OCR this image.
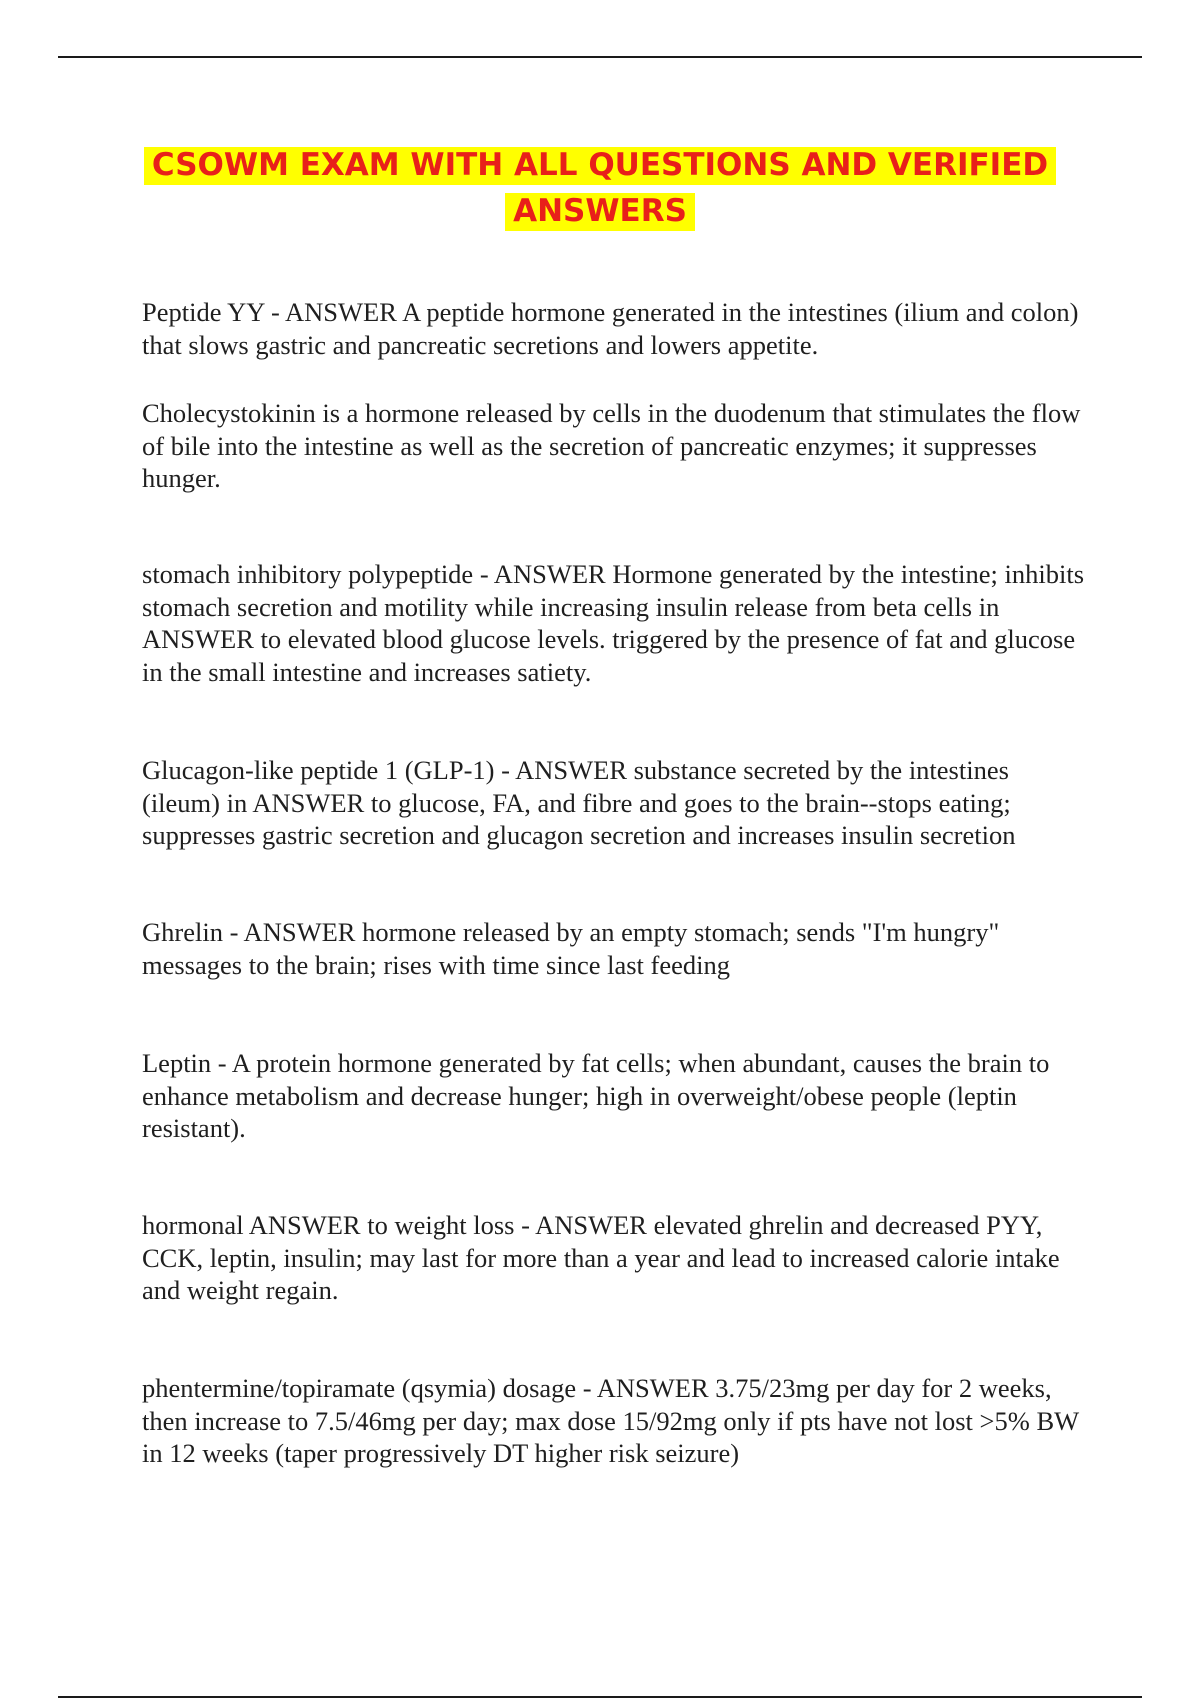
CSOWM EXAM WITH ALL QUESTIONS AND VERIFIED
ANSWERS

Peptide YY - ANSWER A peptide hormone generated in the intestines (ilium and colon) that slows gastric and pancreatic secretions and lowers appetite.

Cholecystokinin is a hormone released by cells in the duodenum that stimulates the flow of bile into the intestine as well as the secretion of pancreatic enzymes; it suppresses hunger.

stomach inhibitory polypeptide - ANSWER Hormone generated by the intestine; inhibits stomach secretion and motility while increasing insulin release from beta cells in ANSWER to elevated blood glucose levels. triggered by the presence of fat and glucose in the small intestine and increases satiety.

Glucagon-like peptide 1 (GLP-1) - ANSWER substance secreted by the intestines (ileum) in ANSWER to glucose, FA, and fibre and goes to the brain--stops eating; suppresses gastric secretion and glucagon secretion and increases insulin secretion

Ghrelin - ANSWER hormone released by an empty stomach; sends "I'm hungry" messages to the brain; rises with time since last feeding

Leptin - A protein hormone generated by fat cells; when abundant, causes the brain to enhance metabolism and decrease hunger; high in overweight/obese people (leptin resistant).

hormonal ANSWER to weight loss - ANSWER elevated ghrelin and decreased PYY, CCK, leptin, insulin; may last for more than a year and lead to increased calorie intake and weight regain.

phentermine/topiramate (qsymia) dosage - ANSWER 3.75/23mg per day for 2 weeks, then increase to 7.5/46mg per day; max dose 15/92mg only if pts have not lost >5% BW in 12 weeks (taper progressively DT higher risk seizure)
